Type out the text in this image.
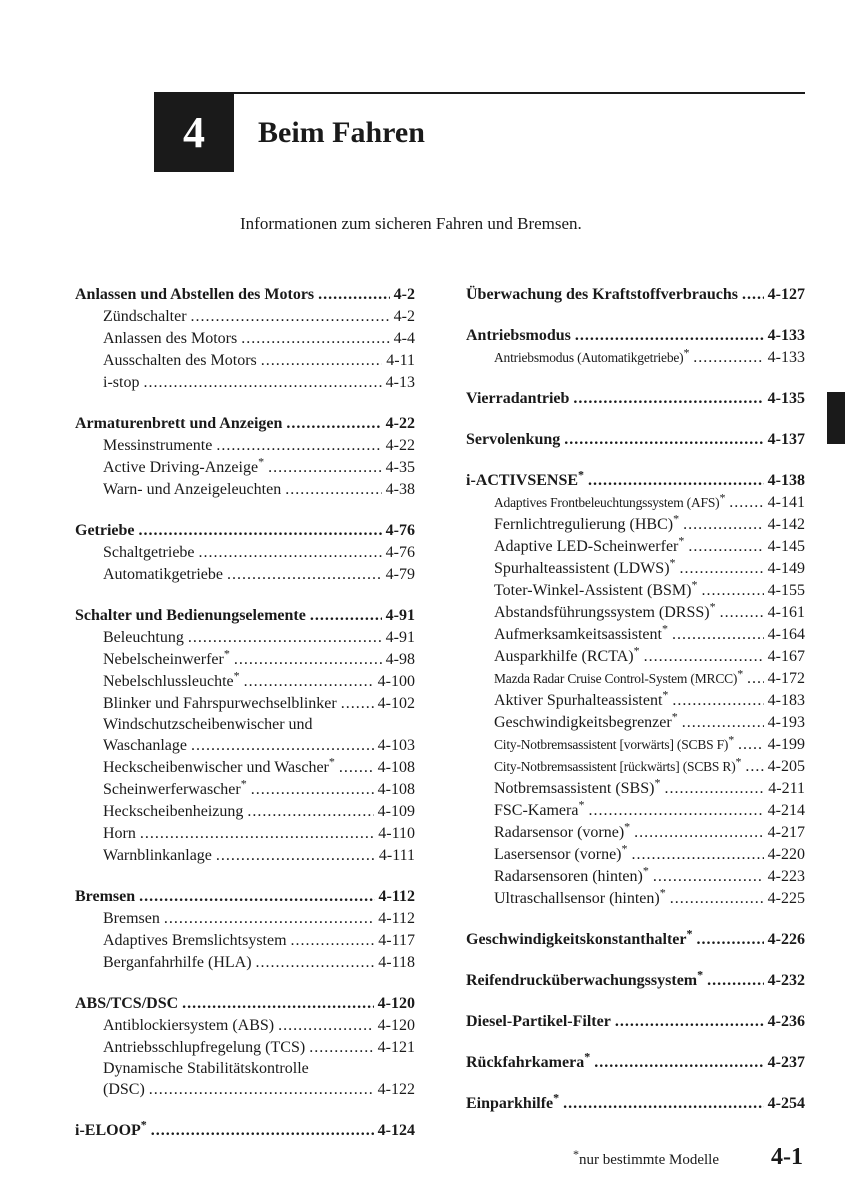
4 Beim Fahren
Informationen zum sicheren Fahren und Bremsen.
Anlassen und Abstellen des Motors .....	4-2
Zündschalter .....	4-2
Anlassen des Motors .....	4-4
Ausschalten des Motors .....	4-11
i-stop .....	4-13
Armaturenbrett und Anzeigen .....	4-22
Messinstrumente .....	4-22
Active Driving-Anzeige* .....	4-35
Warn- und Anzeigeleuchten .....	4-38
Getriebe .....	4-76
Schaltgetriebe .....	4-76
Automatikgetriebe .....	4-79
Schalter und Bedienungselemente .....	4-91
Beleuchtung .....	4-91
Nebelscheinwerfer* .....	4-98
Nebelschlussleuchte* .....	4-100
Blinker und Fahrspurwechselblinker .....	4-102
Windschutzscheibenwischer und
Waschanlage .....	4-103
Heckscheibenwischer und Wascher* .....	4-108
Scheinwerferwascher* .....	4-108
Heckscheibenheizung .....	4-109
Horn .....	4-110
Warnblinkanlage .....	4-111
Bremsen .....	4-112
Bremsen .....	4-112
Adaptives Bremslichtsystem .....	4-117
Berganfahrhilfe (HLA) .....	4-118
ABS/TCS/DSC .....	4-120
Antiblockiersystem (ABS) .....	4-120
Antriebsschlupfregelung (TCS) .....	4-121
Dynamische Stabilitätskontrolle
(DSC) .....	4-122
i-ELOOP* .....	4-124
Überwachung des Kraftstoffverbrauchs ..... 4-127
Antriebsmodus .....	4-133
Antriebsmodus (Automatikgetriebe)* .....	4-133
Vierradantrieb .....	4-135
Servolenkung .....	4-137
i-ACTIVSENSE* .....	4-138
Adaptives Frontbeleuchtungssystem (AFS)* .....	4-141
Fernlichtregulierung (HBC)* .....	4-142
Adaptive LED-Scheinwerfer* .....	4-145
Spurhalteassistent (LDWS)* .....	4-149
Toter-Winkel-Assistent (BSM)* .....	4-155
Abstandsführungssystem (DRSS)* .....	4-161
Aufmerksamkeitsassistent* .....	4-164
Ausparkhilfe (RCTA)* .....	4-167
Mazda Radar Cruise Control-System (MRCC)* ..... 4-172
Aktiver Spurhalteassistent* .....	4-183
Geschwindigkeitsbegrenzer* .....	4-193
City-Notbremsassistent [vorwärts] (SCBS F)* ..... 4-199
City-Notbremsassistent [rückwärts] (SCBS R)* ..... 4-205
Notbremsassistent (SBS)* .....	4-211
FSC-Kamera* .....	4-214
Radarsensor (vorne)* .....	4-217
Lasersensor (vorne)* .....	4-220
Radarsensoren (hinten)* .....	4-223
Ultraschallsensor (hinten)* .....	4-225
Geschwindigkeitskonstanthalter* .....	4-226
Reifendrucküberwachungssystem* .....	4-232
Diesel-Partikel-Filter .....	4-236
Rückfahrkamera* .....	4-237
Einparkhilfe* .....	4-254
*nur bestimmte Modelle 4-1
